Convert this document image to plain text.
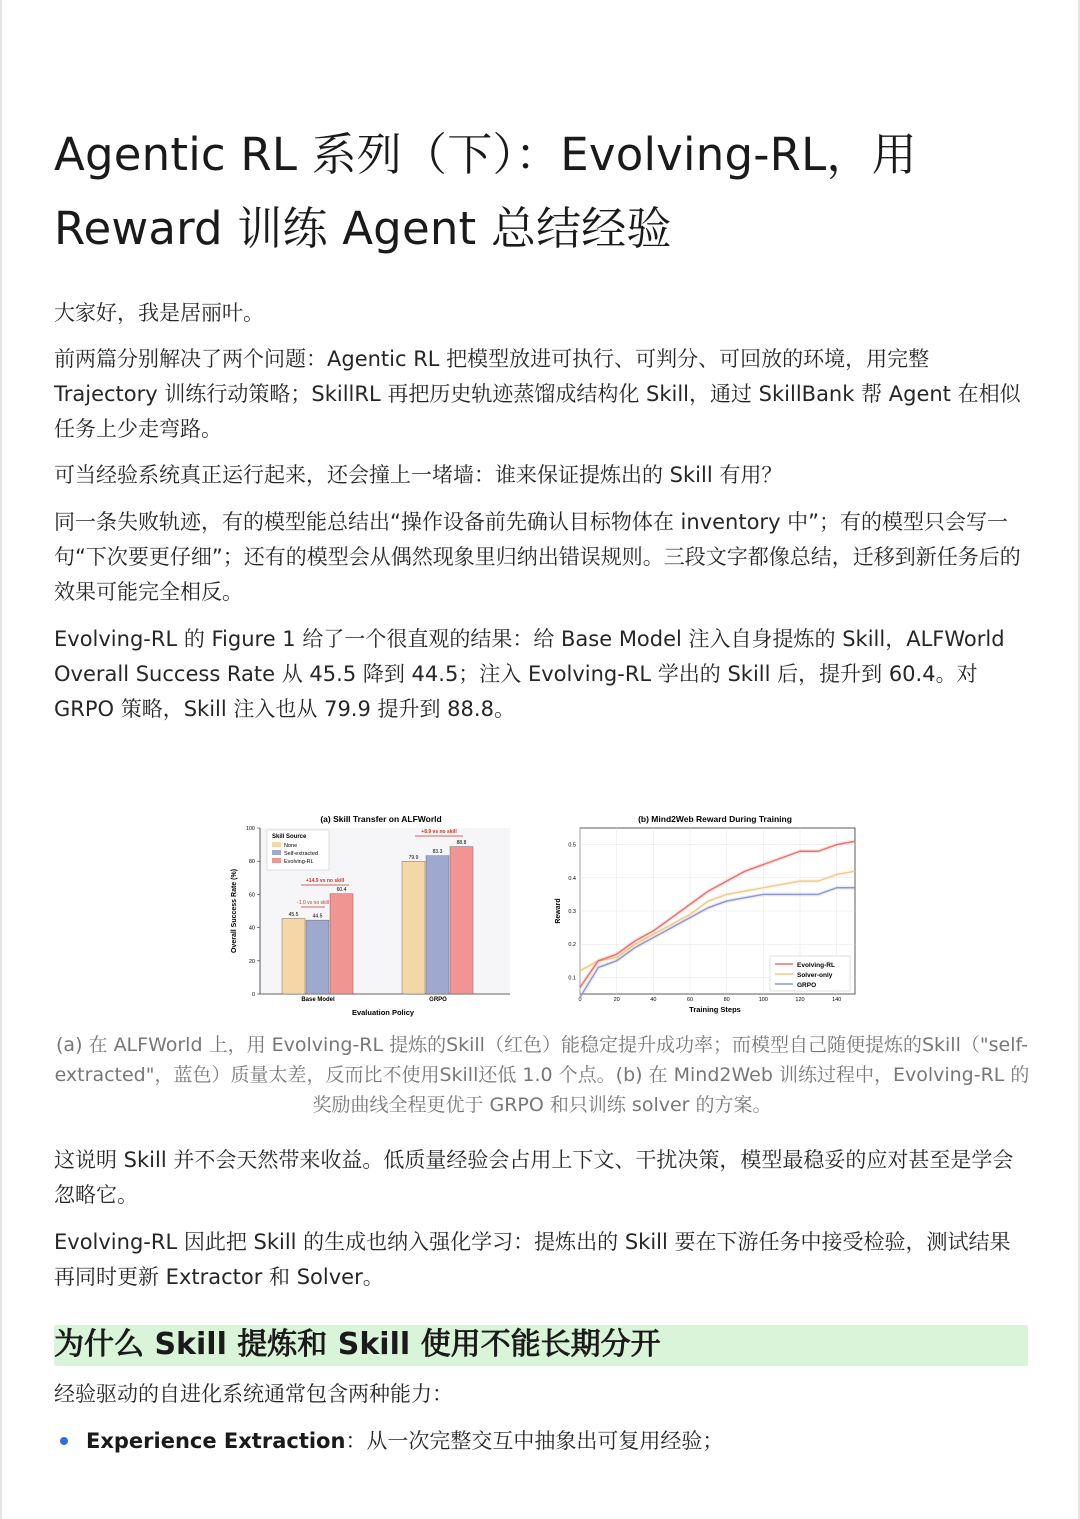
Agentic RL 系列（下）：Evolving-RL，用
Reward 训练 Agent 总结经验

大家好，我是居丽叶。

前两篇分别解决了两个问题：Agentic RL 把模型放进可执行、可判分、可回放的环境，用完整 Trajectory 训练行动策略；SkillRL 再把历史轨迹蒸馏成结构化 Skill，通过 SkillBank 帮 Agent 在相似任务上少走弯路。

可当经验系统真正运行起来，还会撞上一堵墙：谁来保证提炼出的 Skill 有用？

同一条失败轨迹，有的模型能总结出“操作设备前先确认目标物体在 inventory 中”；有的模型只会写一句“下次要更仔细”；还有的模型会从偶然现象里归纳出错误规则。三段文字都像总结，迁移到新任务后的效果可能完全相反。

Evolving-RL 的 Figure 1 给了一个很直观的结果：给 Base Model 注入自身提炼的 Skill，ALFWorld Overall Success Rate 从 45.5 降到 44.5；注入 Evolving-RL 学出的 Skill 后，提升到 60.4。对 GRPO 策略，Skill 注入也从 79.9 提升到 88.8。

(a) Skill Transfer on ALFWorld
0
20
40
60
80
100
Overall Success Rate (%)
Evaluation Policy
45.5	44.5
60.4
79.9
83.3
88.8
Base Model	GRPO
Skill Source
None
Self-extracted
Evolving-RL
+14.9 vs no skill
-1.0 vs no skill
+8.9 vs no skill
(b) Mind2Web Reward During Training
0	20	40	60	80	100	120	140
0.1
0.2
0.3
0.4
0.5
Reward
Training Steps
Evolving-RL
Solver-only
GRPO
(a) 在 ALFWorld 上，用 Evolving-RL 提炼的Skill（红色）能稳定提升成功率；而模型自己随便提炼的Skill（"self-extracted"，蓝色）质量太差，反而比不使用Skill还低 1.0 个点。(b) 在 Mind2Web 训练过程中，Evolving-RL 的奖励曲线全程更优于 GRPO 和只训练 solver 的方案。

这说明 Skill 并不会天然带来收益。低质量经验会占用上下文、干扰决策，模型最稳妥的应对甚至是学会忽略它。

Evolving-RL 因此把 Skill 的生成也纳入强化学习：提炼出的 Skill 要在下游任务中接受检验，测试结果再同时更新 Extractor 和 Solver。

为什么 Skill 提炼和 Skill 使用不能长期分开

经验驱动的自进化系统通常包含两种能力：

Experience Extraction：从一次完整交互中抽象出可复用经验；
